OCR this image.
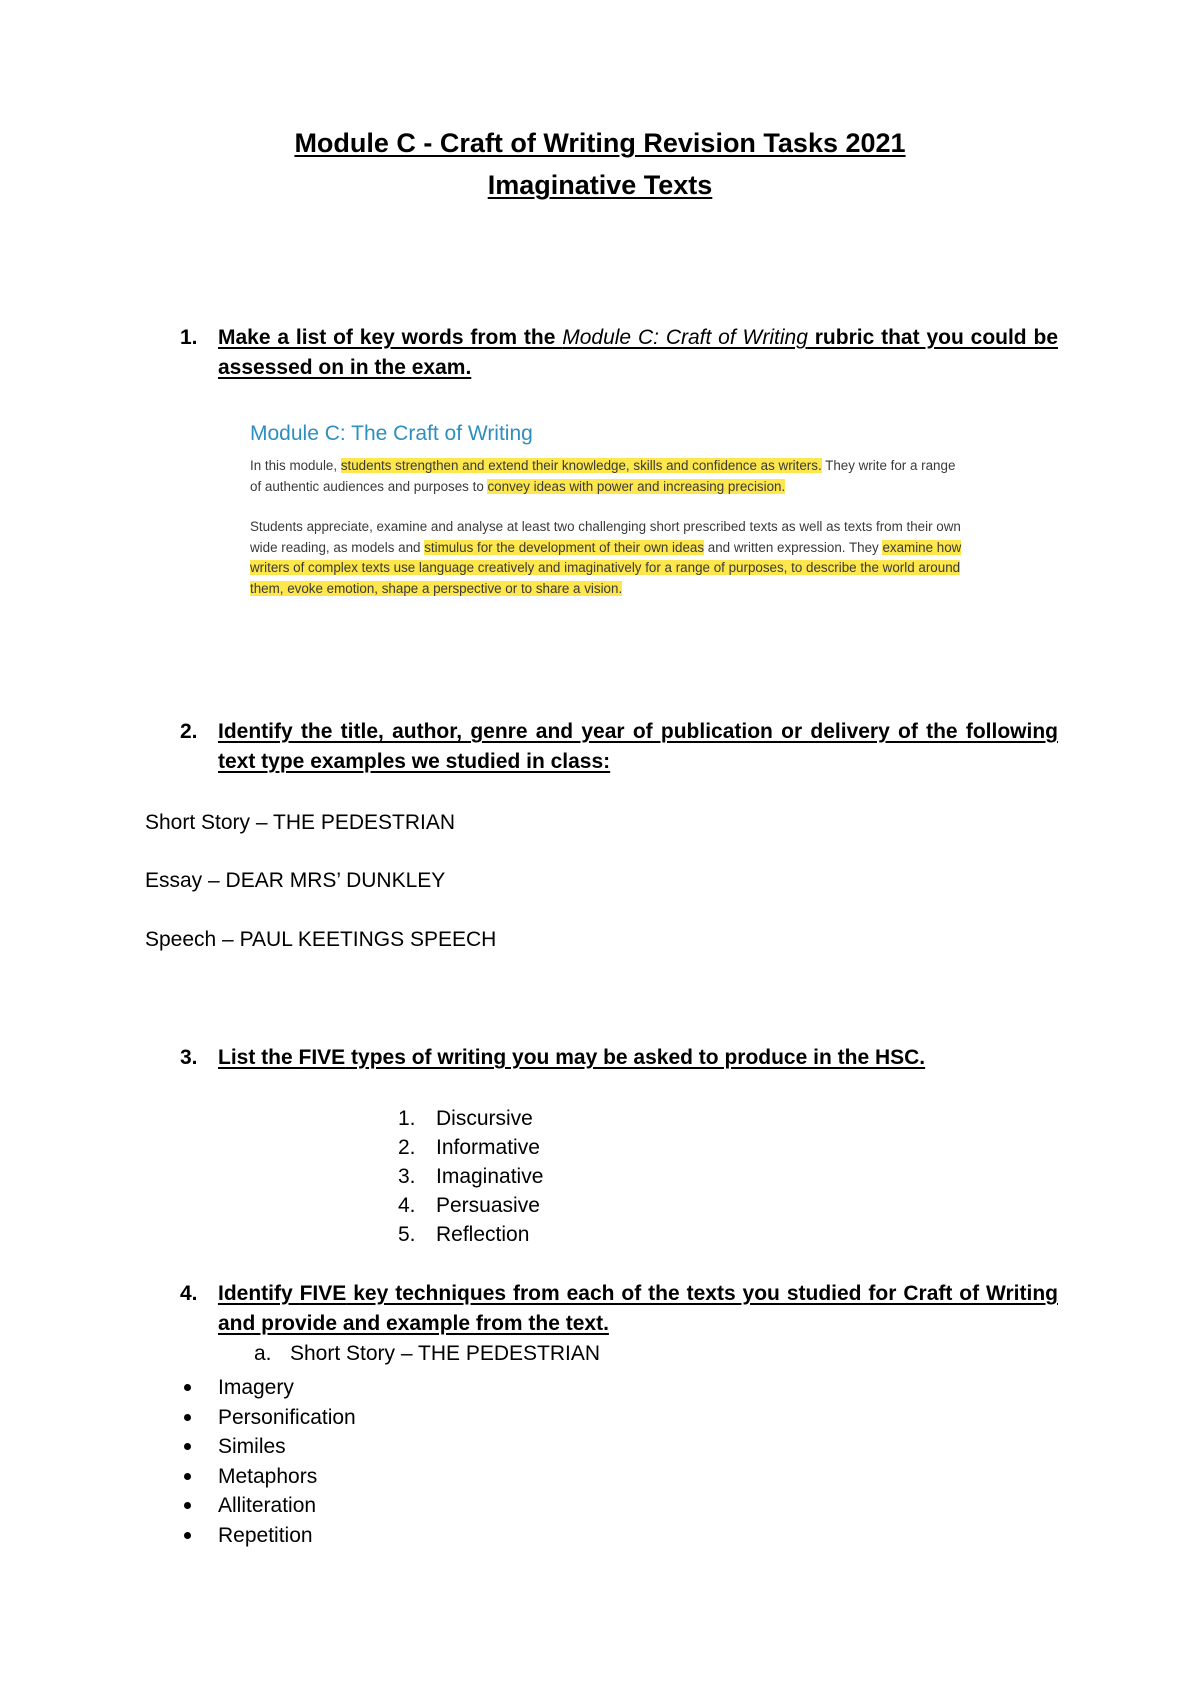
Module C - Craft of Writing Revision Tasks 2021
Imaginative Texts
1. Make a list of key words from the Module C: Craft of Writing rubric that you could be assessed on in the exam.
Module C: The Craft of Writing

In this module, students strengthen and extend their knowledge, skills and confidence as writers. They write for a range of authentic audiences and purposes to convey ideas with power and increasing precision.

Students appreciate, examine and analyse at least two challenging short prescribed texts as well as texts from their own wide reading, as models and stimulus for the development of their own ideas and written expression. They examine how writers of complex texts use language creatively and imaginatively for a range of purposes, to describe the world around them, evoke emotion, shape a perspective or to share a vision.

2. Identify the title, author, genre and year of publication or delivery of the following text type examples we studied in class:
Short Story – THE PEDESTRIAN
Essay – DEAR MRS’ DUNKLEY
Speech – PAUL KEETINGS SPEECH
3. List the FIVE types of writing you may be asked to produce in the HSC.
1. Discursive
2. Informative
3. Imaginative
4. Persuasive
5. Reflection
4. Identify FIVE key techniques from each of the texts you studied for Craft of Writing and provide and example from the text.
a. Short Story – THE PEDESTRIAN
Imagery
Personification
Similes
Metaphors
Alliteration
Repetition
